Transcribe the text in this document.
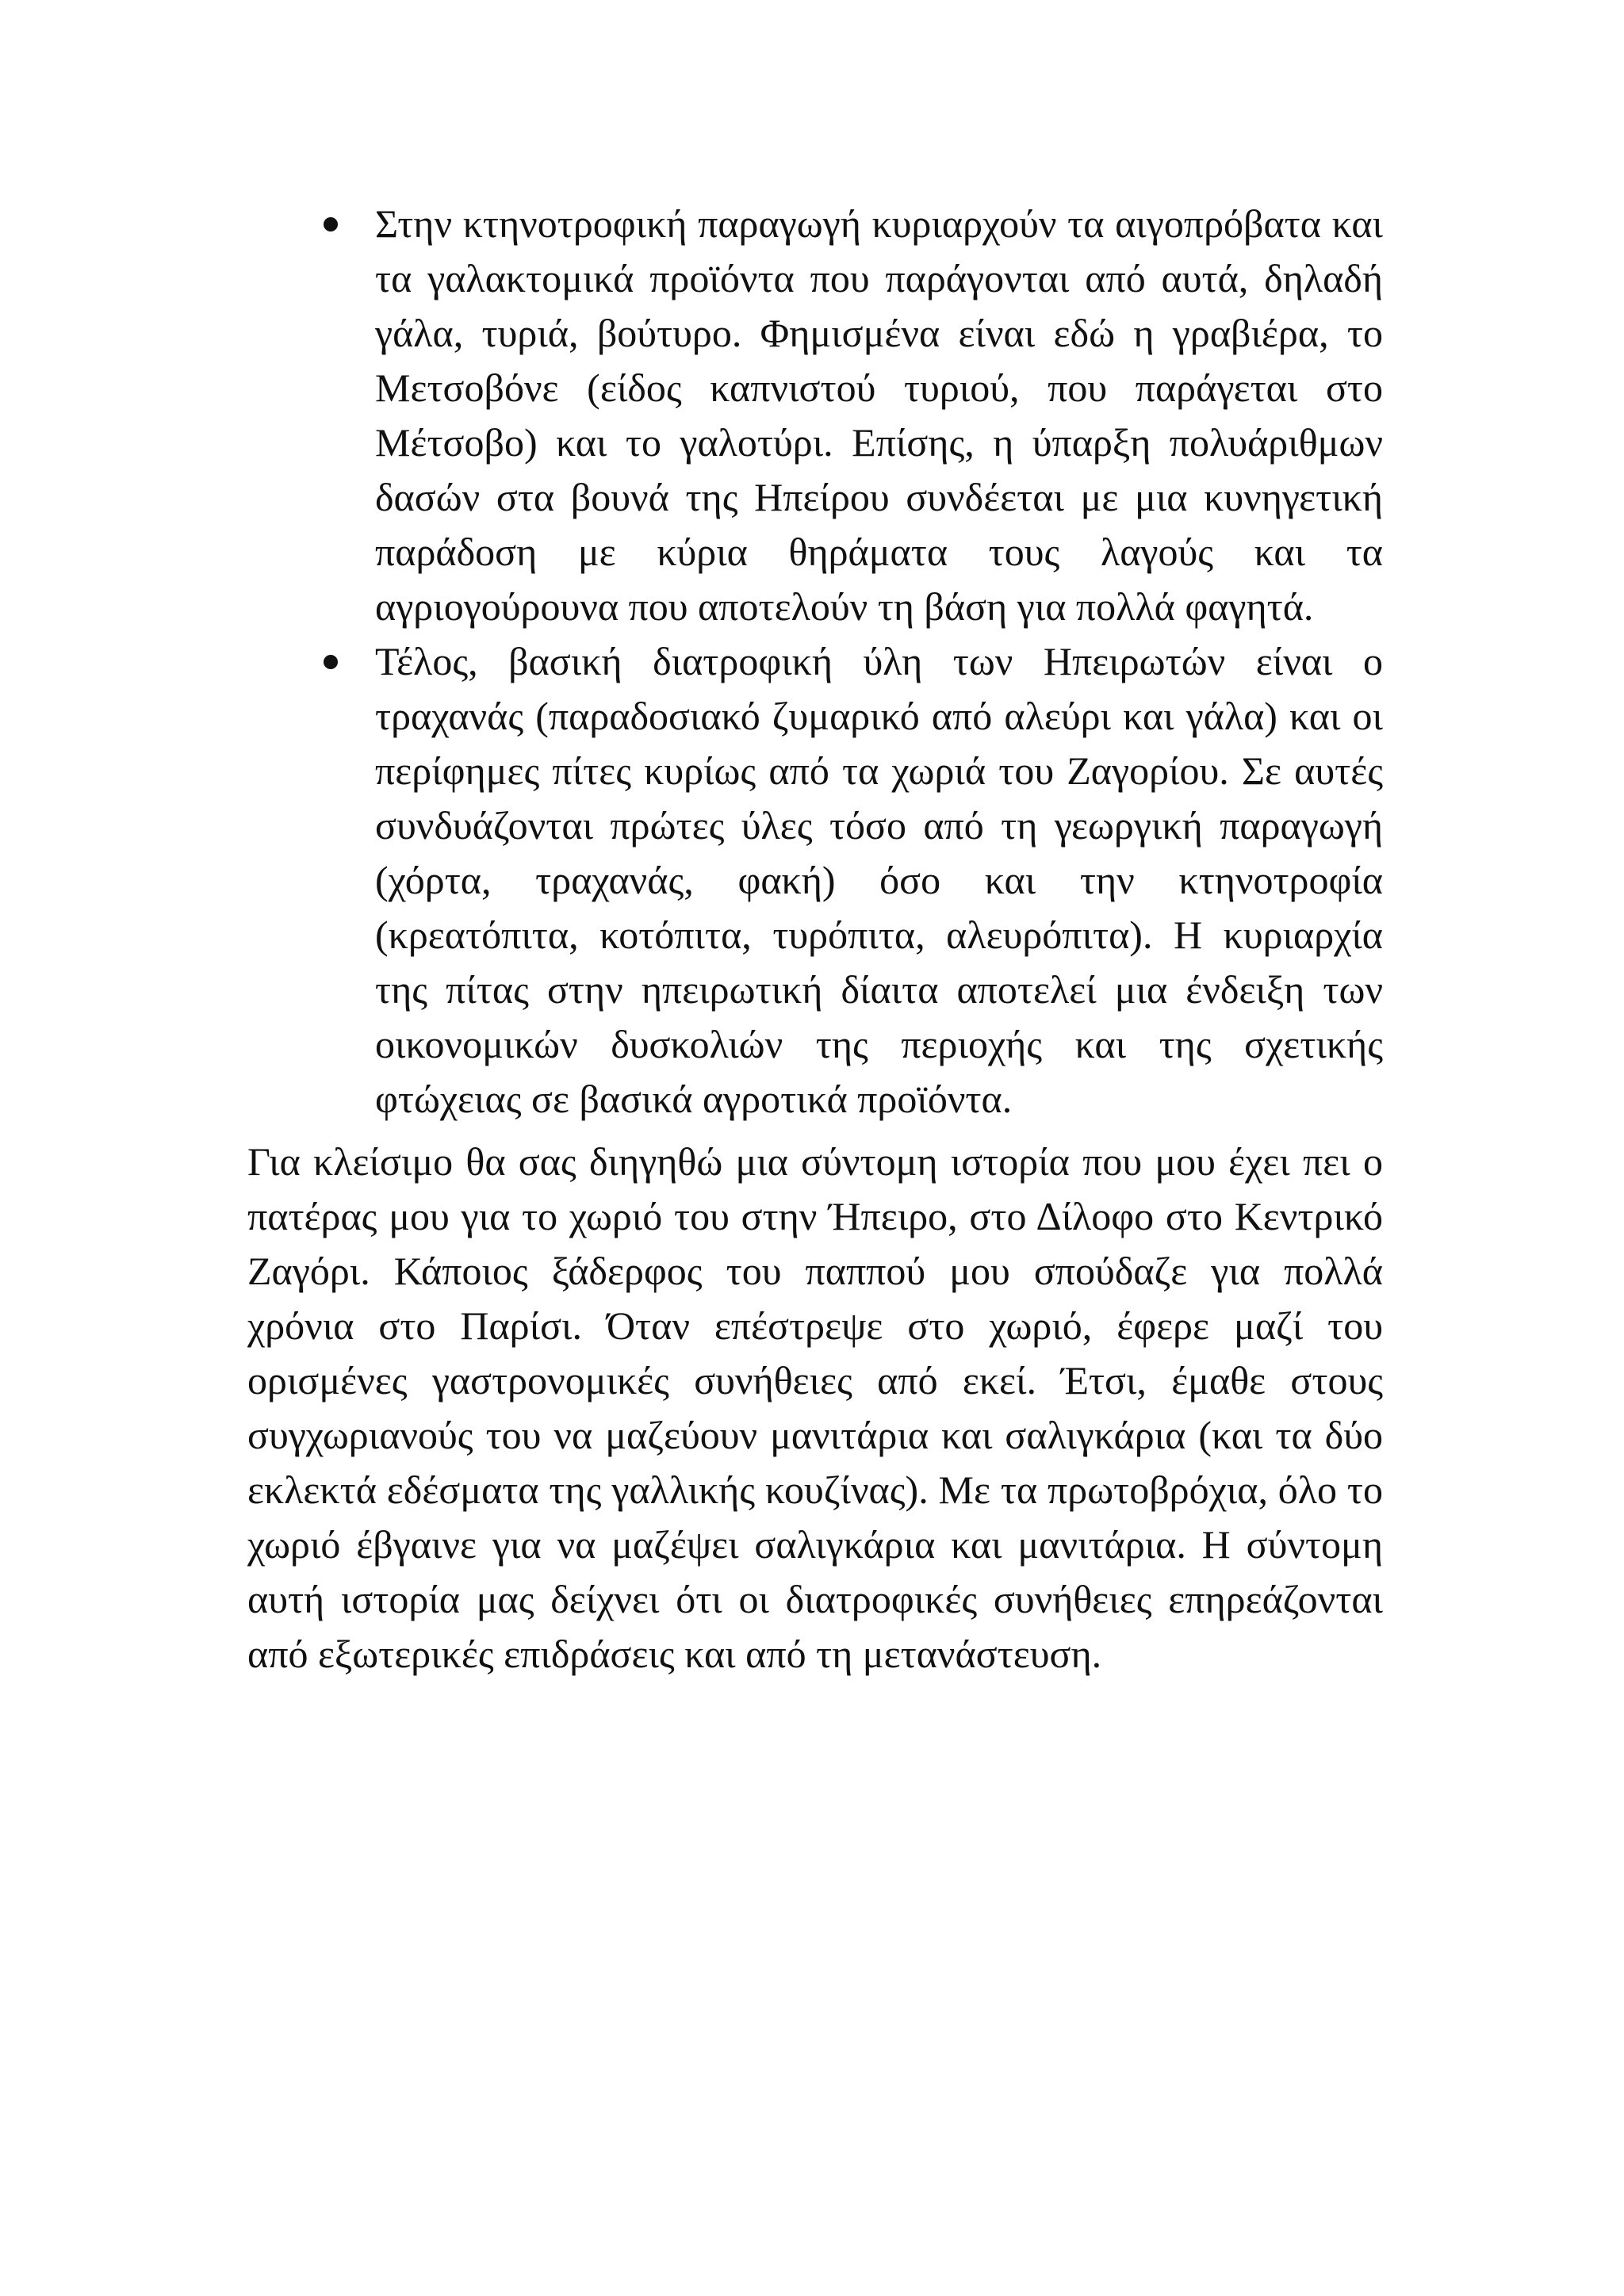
Στην κτηνοτροφική παραγωγή κυριαρχούν τα αιγοπρόβατα και τα γαλακτομικά προϊόντα που παράγονται από αυτά, δηλαδή γάλα, τυριά, βούτυρο. Φημισμένα είναι εδώ η γραβιέρα, το Μετσοβόνε (είδος καπνιστού τυριού, που παράγεται στο Μέτσοβο) και το γαλοτύρι. Επίσης, η ύπαρξη πολυάριθμων δασών στα βουνά της Ηπείρου συνδέεται με μια κυνηγετική παράδοση με κύρια θηράματα τους λαγούς και τα αγριογούρουνα που αποτελούν τη βάση για πολλά φαγητά.
Τέλος, βασική διατροφική ύλη των Ηπειρωτών είναι ο τραχανάς (παραδοσιακό ζυμαρικό από αλεύρι και γάλα) και οι περίφημες πίτες κυρίως από τα χωριά του Ζαγορίου. Σε αυτές συνδυάζονται πρώτες ύλες τόσο από τη γεωργική παραγωγή (χόρτα, τραχανάς, φακή) όσο και την κτηνοτροφία (κρεατόπιτα, κοτόπιτα, τυρόπιτα, αλευρόπιτα). Η κυριαρχία της πίτας στην ηπειρωτική δίαιτα αποτελεί μια ένδειξη των οικονομικών δυσκολιών της περιοχής και της σχετικής φτώχειας σε βασικά αγροτικά προϊόντα.

Για κλείσιμο θα σας διηγηθώ μια σύντομη ιστορία που μου έχει πει ο πατέρας μου για το χωριό του στην Ήπειρο, στο Δίλοφο στο Κεντρικό Ζαγόρι. Κάποιος ξάδερφος του παππού μου σπούδαζε για πολλά χρόνια στο Παρίσι. Όταν επέστρεψε στο χωριό, έφερε μαζί του ορισμένες γαστρονομικές συνήθειες από εκεί. Έτσι, έμαθε στους συγχωριανούς του να μαζεύουν μανιτάρια και σαλιγκάρια (και τα δύο εκλεκτά εδέσματα της γαλλικής κουζίνας). Με τα πρωτοβρόχια, όλο το χωριό έβγαινε για να μαζέψει σαλιγκάρια και μανιτάρια. Η σύντομη αυτή ιστορία μας δείχνει ότι οι διατροφικές συνήθειες επηρεάζονται από εξωτερικές επιδράσεις και από τη μετανάστευση.
